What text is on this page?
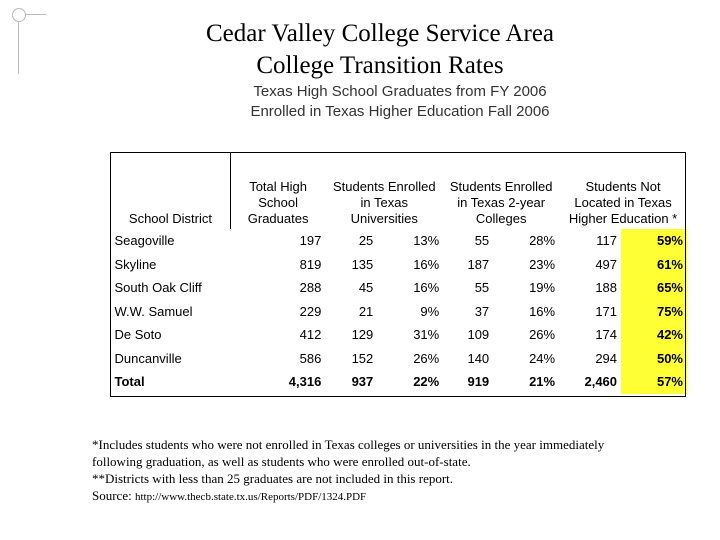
Cedar Valley College Service Area
College Transition Rates
Texas High School Graduates from FY 2006
Enrolled in Texas Higher Education Fall 2006
School District	Total High School Graduates	Students Enrolled in Texas Universities		Students Enrolled in Texas 2-year Colleges		Students Not Located in Texas Higher Education *	
Seagoville	197	25	13%	55	28%	117	59%
Skyline	819	135	16%	187	23%	497	61%
South Oak Cliff	288	45	16%	55	19%	188	65%
W.W. Samuel	229	21	9%	37	16%	171	75%
De Soto	412	129	31%	109	26%	174	42%
Duncanville	586	152	26%	140	24%	294	50%
Total	4,316	937	22%	919	21%	2,460	57%
*Includes students who were not enrolled in Texas colleges or universities in the year immediately
following graduation, as well as students who were enrolled out-of-state.
**Districts with less than 25 graduates are not included in this report.
Source: http://www.thecb.state.tx.us/Reports/PDF/1324.PDF
